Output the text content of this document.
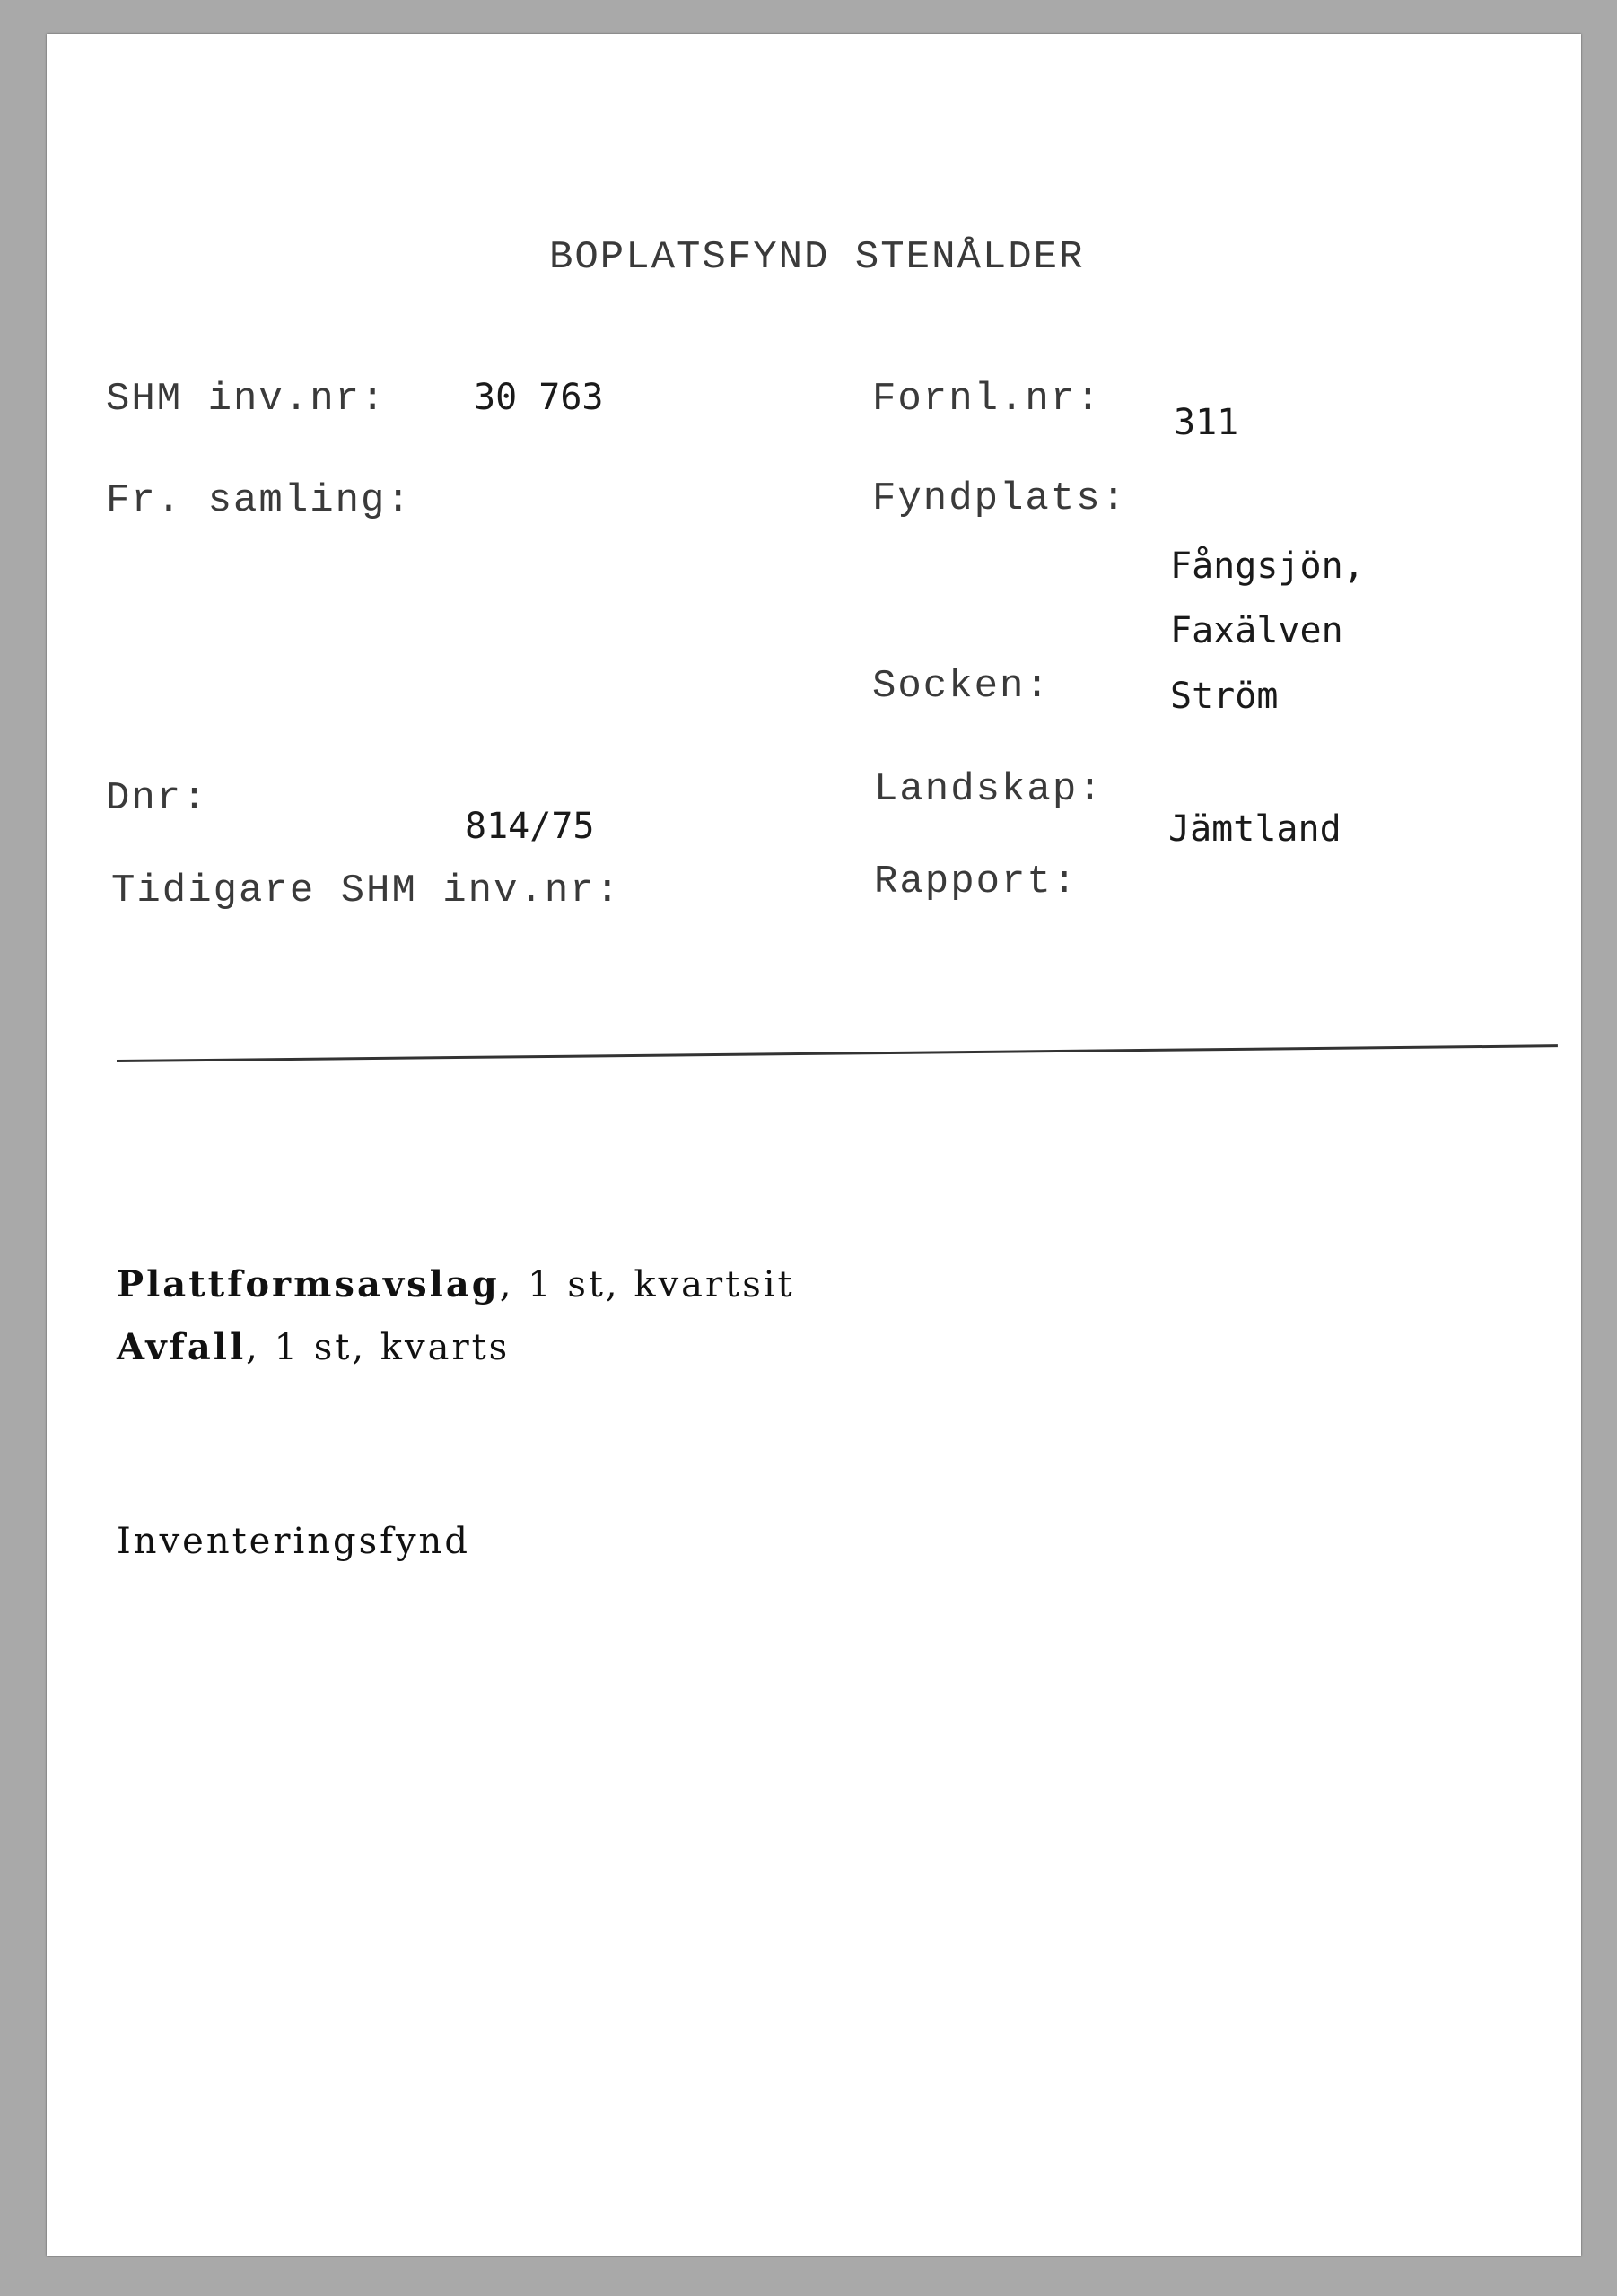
BOPLATSFYND STENÅLDER
SHM inv.nr: 30 763
Fr. samling:
Dnr:
814/75
Tidigare SHM inv.nr:
Fornl.nr:
311
Fyndplats:
Fångsjön,
Faxälven
Socken:	Ström
Landskap:
Jämtland
Rapport:
Plattformsavslag, 1 st, kvartsit
Avfall, 1 st, kvarts
Inventeringsfynd
